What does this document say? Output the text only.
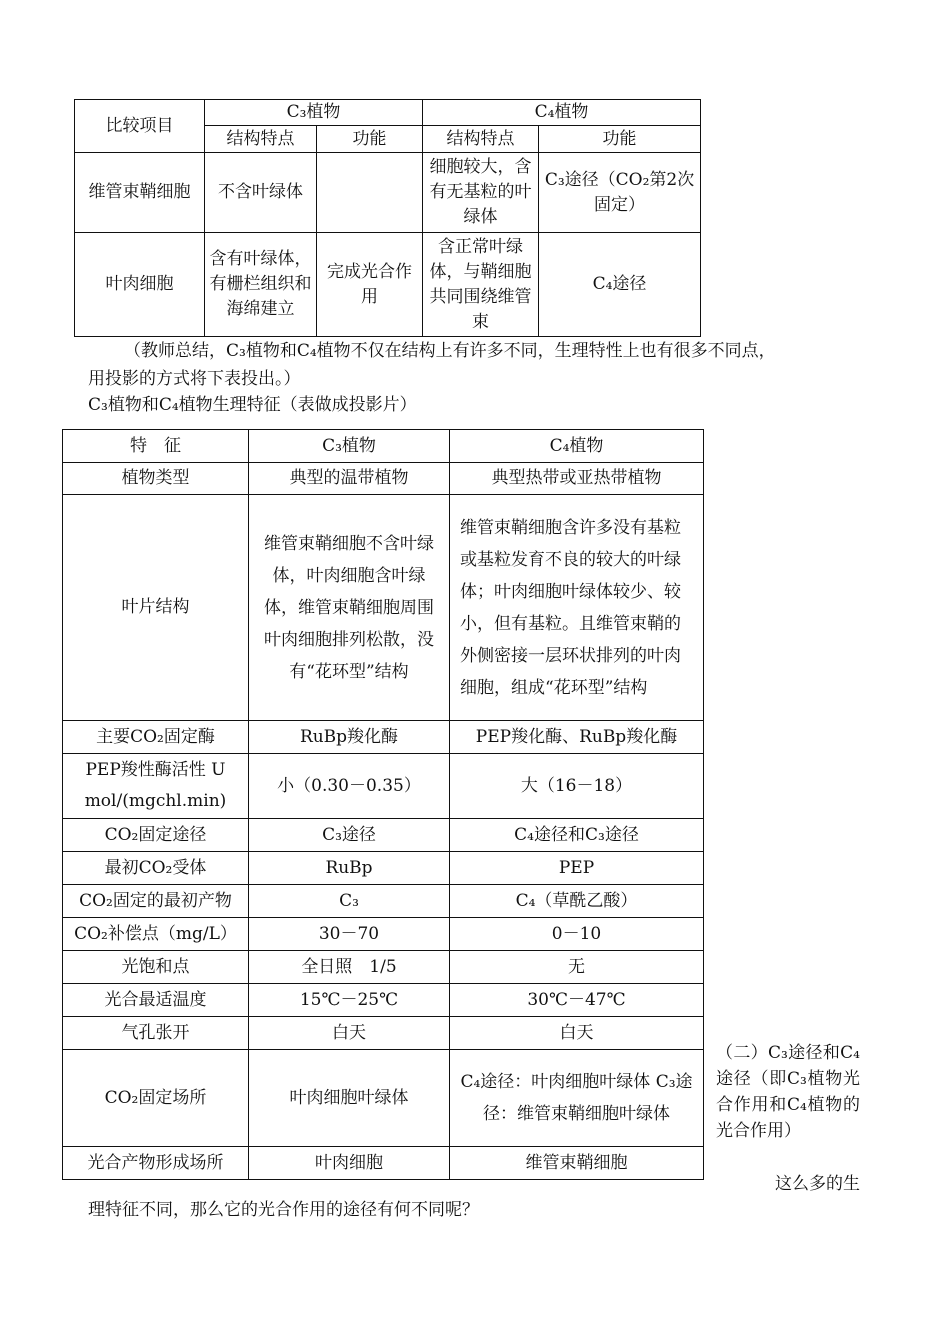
比较项目	C₃植物		C₄植物	
	结构特点	功能	结构特点	功能
维管束鞘细胞	不含叶绿体		细胞较大，含有无基粒的叶绿体	C₃途径（CO₂第2次固定）
叶肉细胞	含有叶绿体，有栅栏组织和海绵建立	完成光合作用	含正常叶绿体，与鞘细胞共同围绕维管束	C₄途径

（教师总结，C₃植物和C₄植物不仅在结构上有许多不同，生理特性上也有很多不同点，
用投影的方式将下表投出。）

C₃植物和C₄植物生理特征（表做成投影片）

特　征	C₃植物	C₄植物
植物类型	典型的温带植物	典型热带或亚热带植物
叶片结构	维管束鞘细胞不含叶绿体，叶肉细胞含叶绿体，维管束鞘细胞周围叶肉细胞排列松散，没有“花环型”结构	维管束鞘细胞含许多没有基粒或基粒发育不良的较大的叶绿体；叶肉细胞叶绿体较少、较小，但有基粒。且维管束鞘的外侧密接一层环状排列的叶肉细胞，组成“花环型”结构
主要CO₂固定酶	RuBp羧化酶	PEP羧化酶、RuBp羧化酶
PEP羧性酶活性 U mol/(mgchl.min)	小（0.30－0.35）	大（16－18）
CO₂固定途径	C₃途径	C₄途径和C₃途径
最初CO₂受体	RuBp	PEP
CO₂固定的最初产物	C₃	C₄（草酰乙酸）
CO₂补偿点（mg/L）	30－70	0－10
光饱和点	全日照　1/5	无
光合最适温度	15℃－25℃	30℃－47℃
气孔张开	白天	白天
CO₂固定场所	叶肉细胞叶绿体	C₄途径：叶肉细胞叶绿体 C₃途径：维管束鞘细胞叶绿体
光合产物形成场所	叶肉细胞	维管束鞘细胞

（二）C₃途径和C₄途径（即C₃植物光合作用和C₄植物的光合作用）

这么多的生

理特征不同，那么它的光合作用的途径有何不同呢？
